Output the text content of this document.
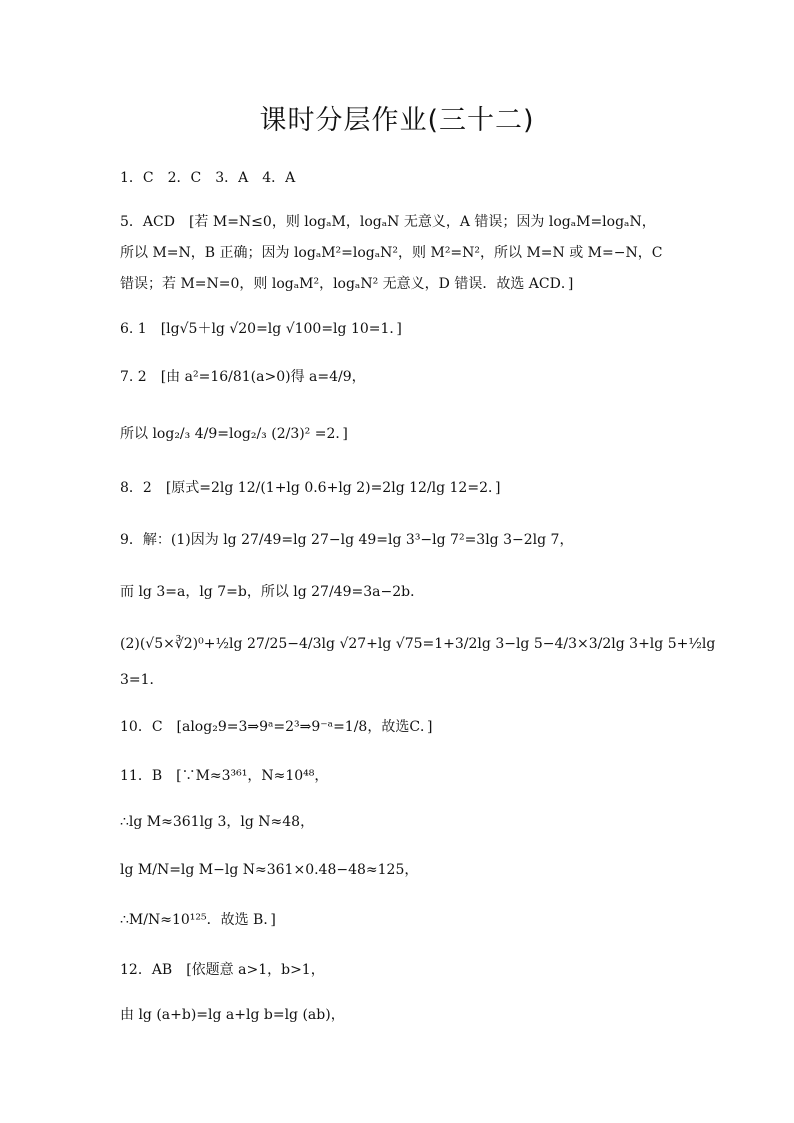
课时分层作业(三十二)
1．C　2．C　3．A　4．A
5．ACD　[若 M=N≤0，则 logₐM，logₐN 无意义，A 错误；因为 logₐM=logₐN，
所以 M=N，B 正确；因为 logₐM²=logₐN²，则 M²=N²，所以 M=N 或 M=−N，C
错误；若 M=N=0，则 logₐM²，logₐN² 无意义，D 错误．故选 ACD．]
6. 1　[lg√5＋lg √20=lg √100=lg 10=1．]
7. 2　[由 a²=16/81(a>0)得 a=4/9，
所以 log₂/₃ 4/9=log₂/₃ (2/3)² =2．]
8．2　[原式=2lg 12/(1+lg 0.6+lg 2)=2lg 12/lg 12=2．]
9．解：(1)因为 lg 27/49=lg 27−lg 49=lg 3³−lg 7²=3lg 3−2lg 7，
而 lg 3=a，lg 7=b，所以 lg 27/49=3a−2b．
(2)(√5×∛2)⁰+½lg 27/25−4/3lg √27+lg √75=1+3/2lg 3−lg 5−4/3×3/2lg 3+lg 5+½lg
3=1．
10．C　[alog₂9=3⇒9ᵃ=2³⇒9⁻ᵃ=1/8，故选C．]
11．B　[∵M≈3³⁶¹，N≈10⁴⁸，
∴lg M≈361lg 3，lg N≈48，
lg M/N=lg M−lg N≈361×0.48−48≈125，
∴M/N≈10¹²⁵．故选 B．]
12．AB　[依题意 a>1，b>1，
由 lg (a+b)=lg a+lg b=lg (ab)，
